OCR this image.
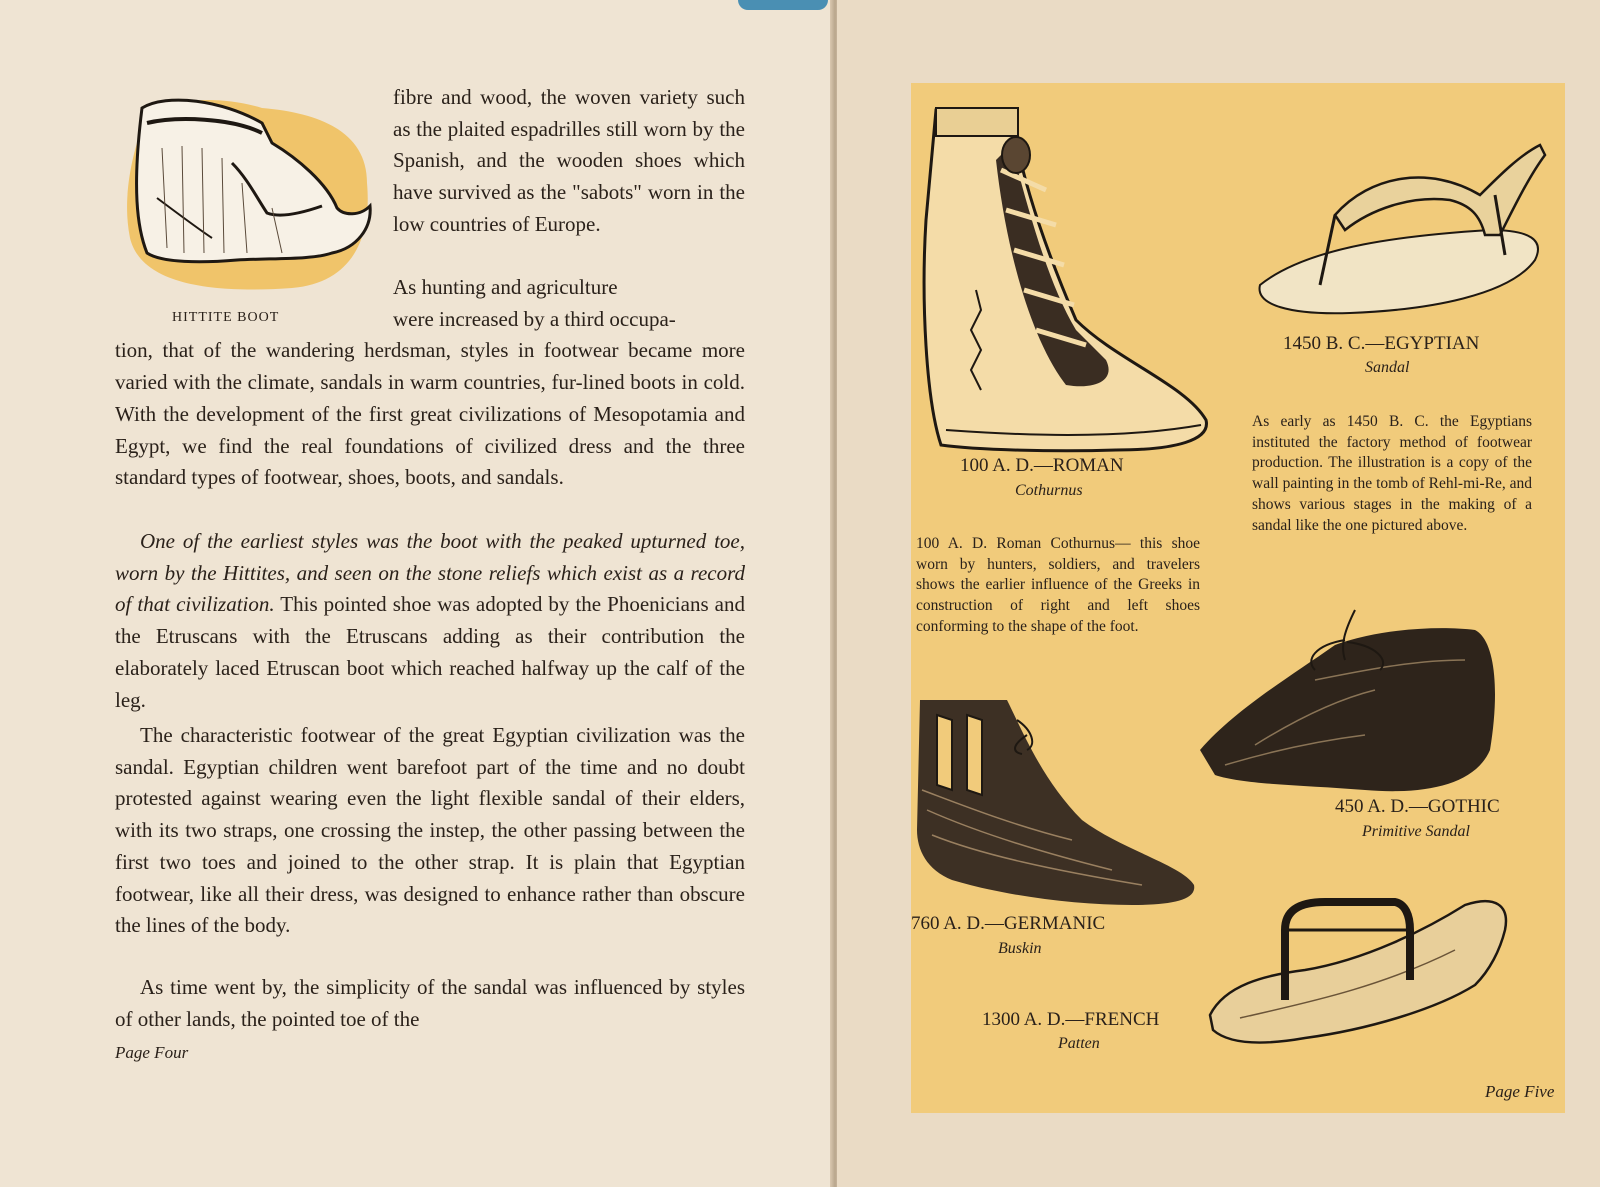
HITTITE BOOT

fibre and wood, the woven variety such as the plaited espadrilles still worn by the Spanish, and the wooden shoes which have survived as the "sabots" worn in the low countries of Europe.

As hunting and agriculture
were increased by a third occupa-
tion, that of the wandering herdsman, styles in footwear became more varied with the climate, sandals in warm countries, fur-lined boots in cold. With the development of the first great civilizations of Mesopotamia and Egypt, we find the real foundations of civilized dress and the three standard types of footwear, shoes, boots, and sandals.

One of the earliest styles was the boot with the peaked upturned toe, worn by the Hittites, and seen on the stone reliefs which exist as a record of that civilization. This pointed shoe was adopted by the Phoenicians and the Etruscans with the Etruscans adding as their contribution the elaborately laced Etruscan boot which reached halfway up the calf of the leg.

The characteristic footwear of the great Egyptian civilization was the sandal. Egyptian children went barefoot part of the time and no doubt protested against wearing even the light flexible sandal of their elders, with its two straps, one crossing the instep, the other passing between the first two toes and joined to the other strap. It is plain that Egyptian footwear, like all their dress, was designed to enhance rather than obscure the lines of the body.

As time went by, the simplicity of the sandal was influenced by styles of other lands, the pointed toe of the

Page Four
100 A. D.—ROMAN
Cothurnus
100 A. D. Roman Cothurnus— this shoe worn by hunters, soldiers, and travelers shows the earlier influence of the Greeks in construction of right and left shoes conforming to the shape of the foot.
1450 B. C.—EGYPTIAN
Sandal
As early as 1450 B. C. the Egyptians instituted the factory method of footwear production. The illustration is a copy of the wall painting in the tomb of Rehl-mi-Re, and shows various stages in the making of a sandal like the one pictured above.
450 A. D.—GOTHIC
Primitive Sandal
760 A. D.—GERMANIC
Buskin
1300 A. D.—FRENCH
Patten
Page Five
